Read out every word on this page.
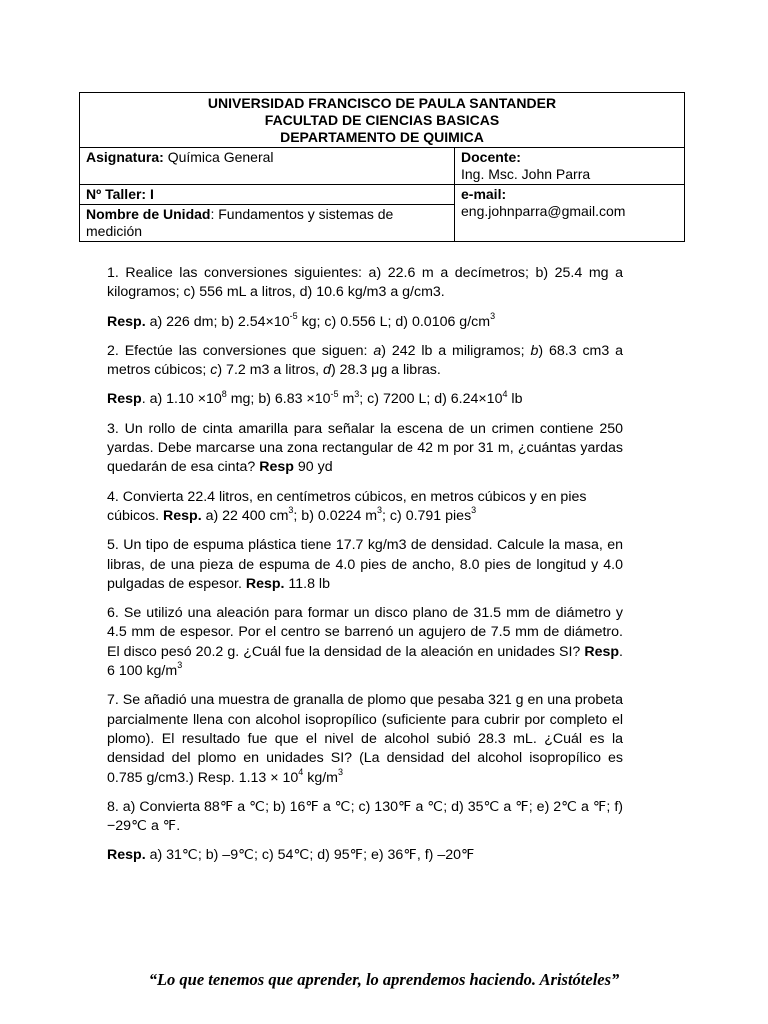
UNIVERSIDAD FRANCISCO DE PAULA SANTANDER
FACULTAD DE CIENCIAS BASICAS
DEPARTAMENTO DE QUIMICA	

Asignatura: Química General	Docente:
Ing. Msc. John Parra

Nº Taller: I	e-mail:
eng.johnparra@gmail.com

Nombre de Unidad: Fundamentos y sistemas de medición	

1. Realice las conversiones siguientes: a) 22.6 m a decímetros; b) 25.4 mg a kilogramos; c) 556 mL a litros, d) 10.6 kg/m3 a g/cm3.

Resp. a) 226 dm; b) $2.54\times 10^{-5}$ kg; c) 0.556 L; d) 0.0106 $g/cm^3$

2. Efectúe las conversiones que siguen: a) 242 lb a miligramos; b) 68.3 cm3 a metros cúbicos; c) 7.2 m3 a litros, d) 28.3 μg a libras.

Resp. a) $1.10 \times 10^8$ mg; b) $6.83 \times 10^{-5}$ $m^3$; c) 7200 L; d) $6.24\times 10^4$ lb

3. Un rollo de cinta amarilla para señalar la escena de un crimen contiene 250 yardas. Debe marcarse una zona rectangular de 42 m por 31 m, ¿cuántas yardas quedarán de esa cinta? Resp 90 yd

4. Convierta 22.4 litros, en centímetros cúbicos, en metros cúbicos y en pies cúbicos. Resp. a) 22 400 $cm^3$; b) 0.0224 $m^3$; c) 0.791 pies$^3$

5. Un tipo de espuma plástica tiene 17.7 kg/m3 de densidad. Calcule la masa, en libras, de una pieza de espuma de 4.0 pies de ancho, 8.0 pies de longitud y 4.0 pulgadas de espesor. Resp. 11.8 lb

6. Se utilizó una aleación para formar un disco plano de 31.5 mm de diámetro y 4.5 mm de espesor. Por el centro se barrenó un agujero de 7.5 mm de diámetro. El disco pesó 20.2 g. ¿Cuál fue la densidad de la aleación en unidades SI? Resp. 6 100 $kg/m^3$

7. Se añadió una muestra de granalla de plomo que pesaba 321 g en una probeta parcialmente llena con alcohol isopropílico (suficiente para cubrir por completo el plomo). El resultado fue que el nivel de alcohol subió 28.3 mL. ¿Cuál es la densidad del plomo en unidades SI? (La densidad del alcohol isopropílico es 0.785 g/cm3.) Resp. $1.13 \times 10^4$ $kg/m^3$

8. a) Convierta 88℉ a ℃; b) 16℉ a ℃; c) 130℉ a ℃; d) 35℃ a ℉; e) 2℃ a ℉; f) −29℃ a ℉.

Resp. a) 31℃; b) –9℃; c) 54℃; d) 95℉; e) 36℉, f) –20℉

“Lo que tenemos que aprender, lo aprendemos haciendo. Aristóteles”
